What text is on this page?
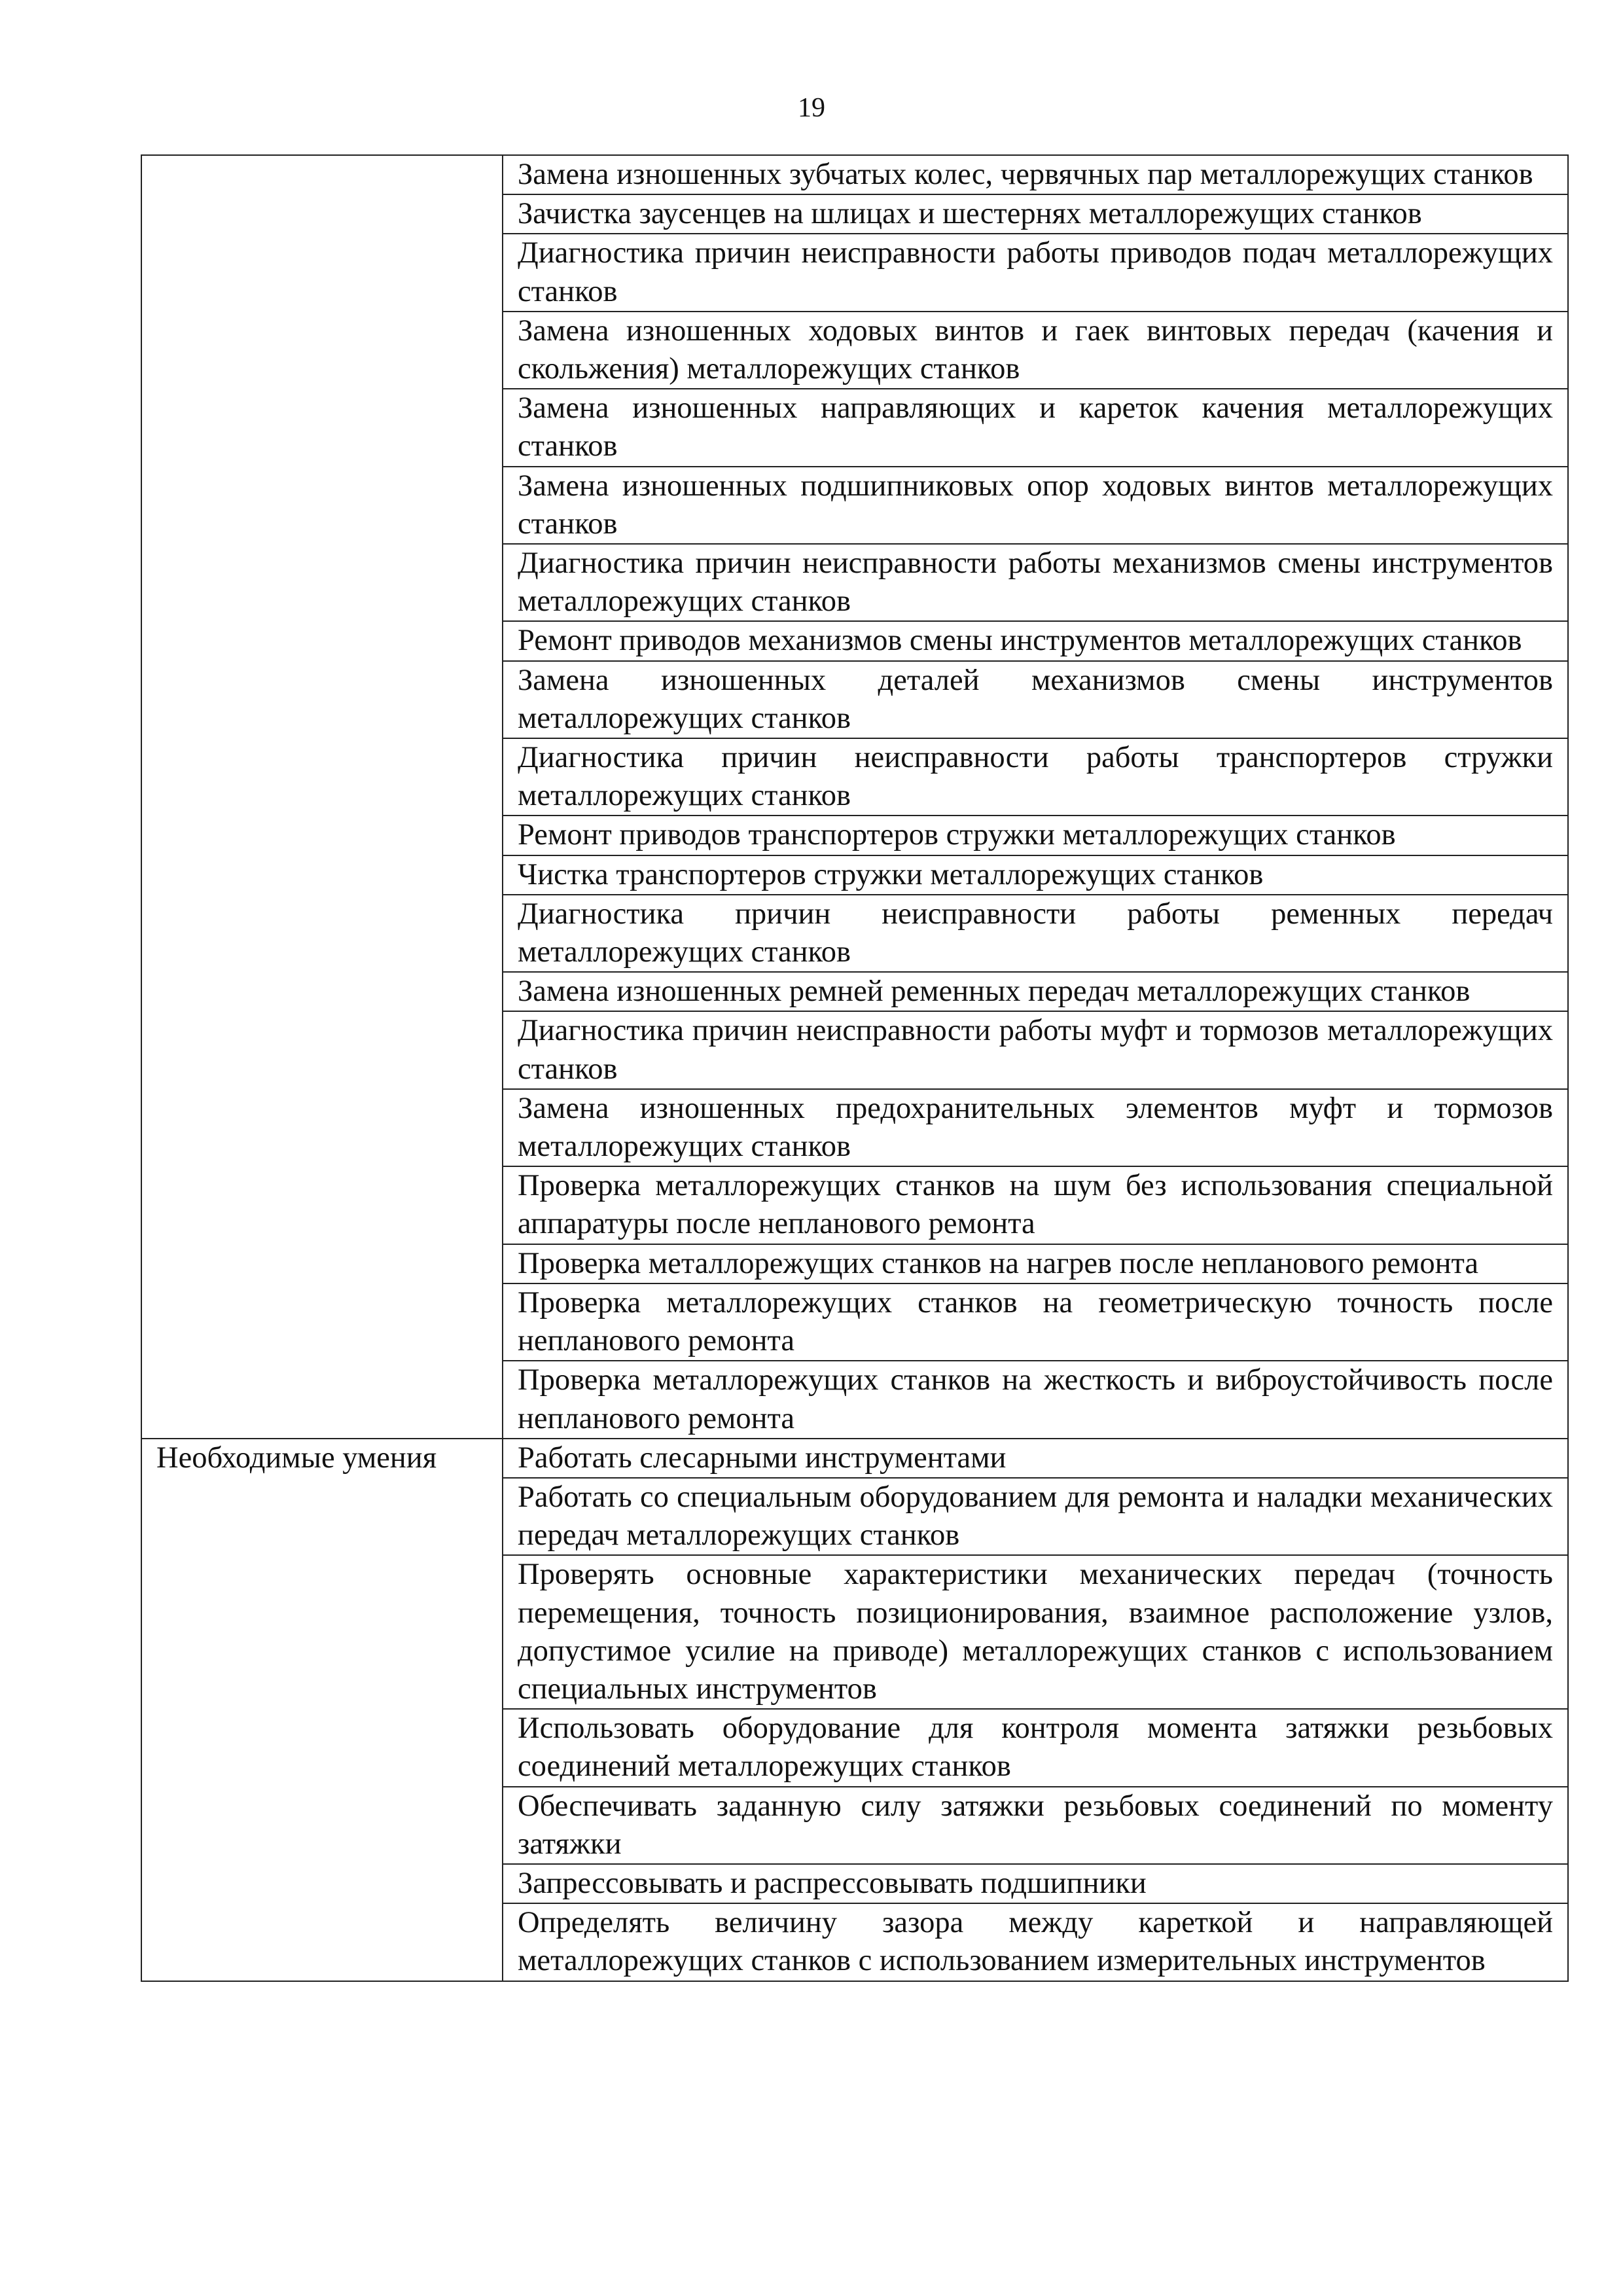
19
	Замена изношенных зубчатых колес, червячных пар металлорежущих станков
	Зачистка заусенцев на шлицах и шестернях металлорежущих станков
	Диагностика причин неисправности работы приводов подач металлорежущих станков
	Замена изношенных ходовых винтов и гаек винтовых передач (качения и скольжения) металлорежущих станков
	Замена изношенных направляющих и кареток качения металлорежущих станков
	Замена изношенных подшипниковых опор ходовых винтов металлорежущих станков
	Диагностика причин неисправности работы механизмов смены инструментов металлорежущих станков
	Ремонт приводов механизмов смены инструментов металлорежущих станков
	Замена изношенных деталей механизмов смены инструментов металлорежущих станков
	Диагностика причин неисправности работы транспортеров стружки металлорежущих станков
	Ремонт приводов транспортеров стружки металлорежущих станков
	Чистка транспортеров стружки металлорежущих станков
	Диагностика причин неисправности работы ременных передач металлорежущих станков
	Замена изношенных ремней ременных передач металлорежущих станков
	Диагностика причин неисправности работы муфт и тормозов металлорежущих станков
	Замена изношенных предохранительных элементов муфт и тормозов металлорежущих станков
	Проверка металлорежущих станков на шум без использования специальной аппаратуры после непланового ремонта
	Проверка металлорежущих станков на нагрев после непланового ремонта
	Проверка металлорежущих станков на геометрическую точность после непланового ремонта
	Проверка металлорежущих станков на жесткость и виброустойчивость после непланового ремонта
Необходимые умения	Работать слесарными инструментами
	Работать со специальным оборудованием для ремонта и наладки механических передач металлорежущих станков
	Проверять основные характеристики механических передач (точность перемещения, точность позиционирования, взаимное расположение узлов, допустимое усилие на приводе) металлорежущих станков с использованием специальных инструментов
	Использовать оборудование для контроля момента затяжки резьбовых соединений металлорежущих станков
	Обеспечивать заданную силу затяжки резьбовых соединений по моменту затяжки
	Запрессовывать и распрессовывать подшипники
	Определять величину зазора между кареткой и направляющей металлорежущих станков с использованием измерительных инструментов
